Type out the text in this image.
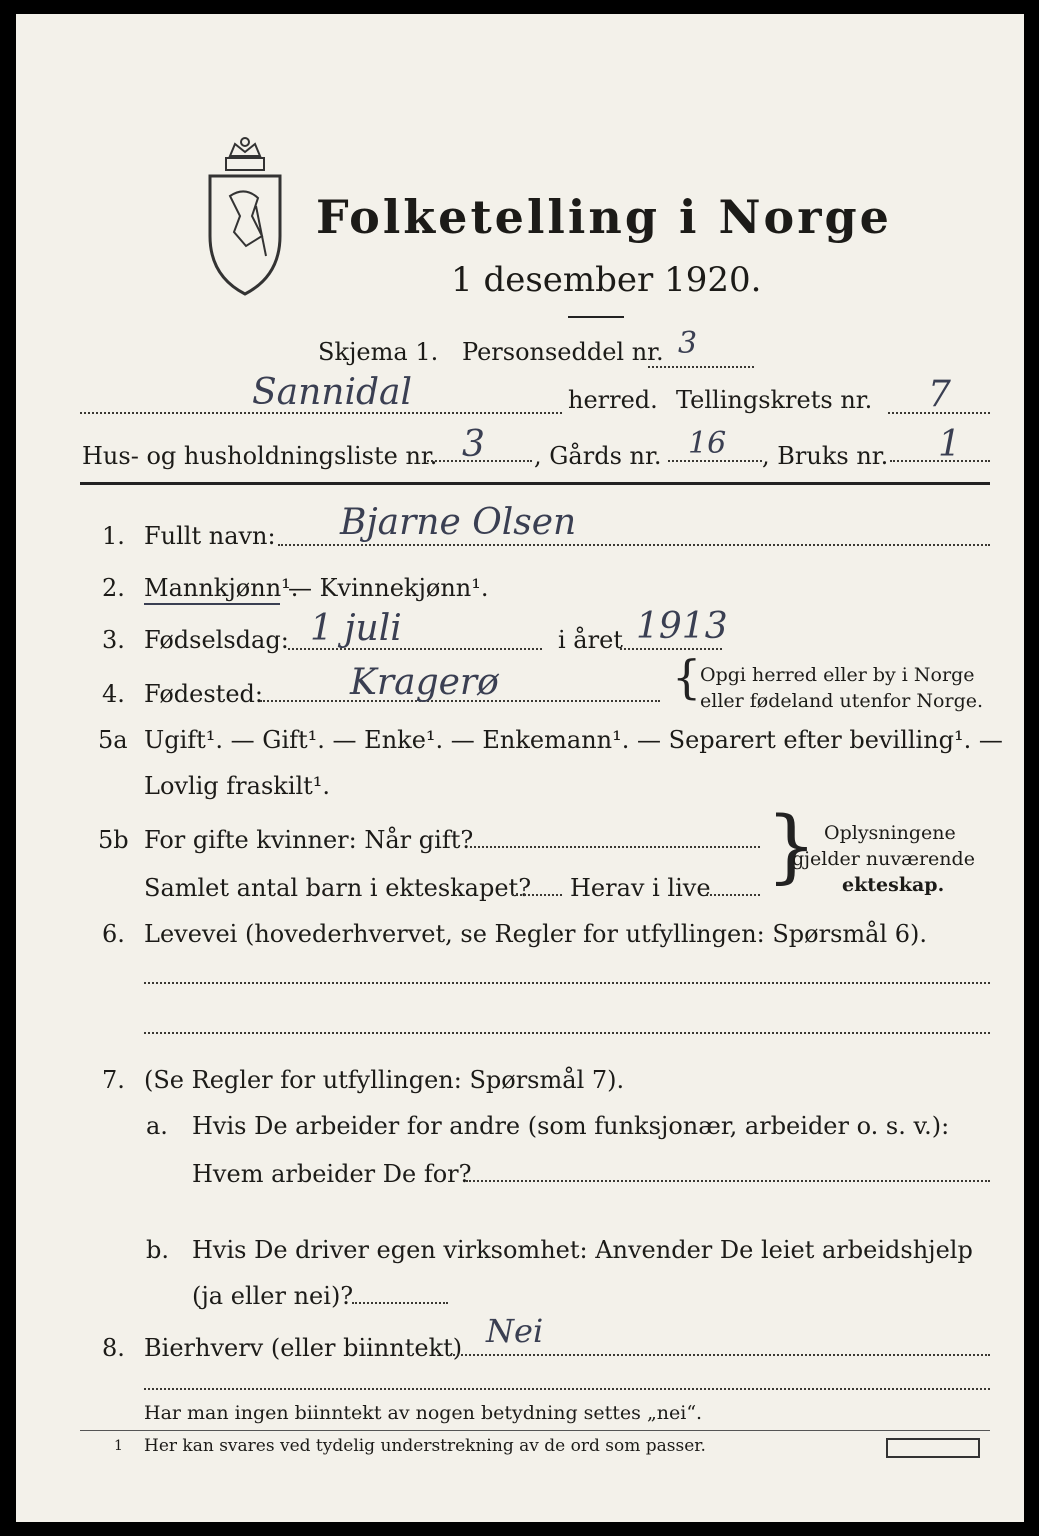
Folketelling i Norge
1 desember 1920.
Skjema 1. Personseddel nr. 3
Sannidal	herred. Tellingskrets nr. 7
Hus- og husholdningsliste nr. 3 , Gårds nr. 16 , Bruks nr. 1
1. Fullt navn: Bjarne Olsen
2. Mannkjønn¹.
— Kvinnekjønn¹.
3. Fødselsdag: 1 juli	i året 1913
4. Fødested: Kragerø	{
Opgi herred eller by i Norge
eller fødeland utenfor Norge.
5a Ugift¹. — Gift¹. — Enke¹. — Enkemann¹. — Separert efter bevilling¹. —
Lovlig fraskilt¹.
5b For gifte kvinner: Når gift?
Samlet antal barn i ekteskapet? Herav i live } Oplysningene
gjelder nuværende
ekteskap.
6. Levevei (hovederhvervet, se Regler for utfyllingen: Spørsmål 6).
7. (Se Regler for utfyllingen: Spørsmål 7).
a. Hvis De arbeider for andre (som funksjonær, arbeider o. s. v.):
Hvem arbeider De for?
b. Hvis De driver egen virksomhet: Anvender De leiet arbeidshjelp
(ja eller nei)?
8. Bierhverv (eller biinntekt) Nei
Har man ingen biinntekt av nogen betydning settes „nei“.
1 Her kan svares ved tydelig understrekning av de ord som passer.
